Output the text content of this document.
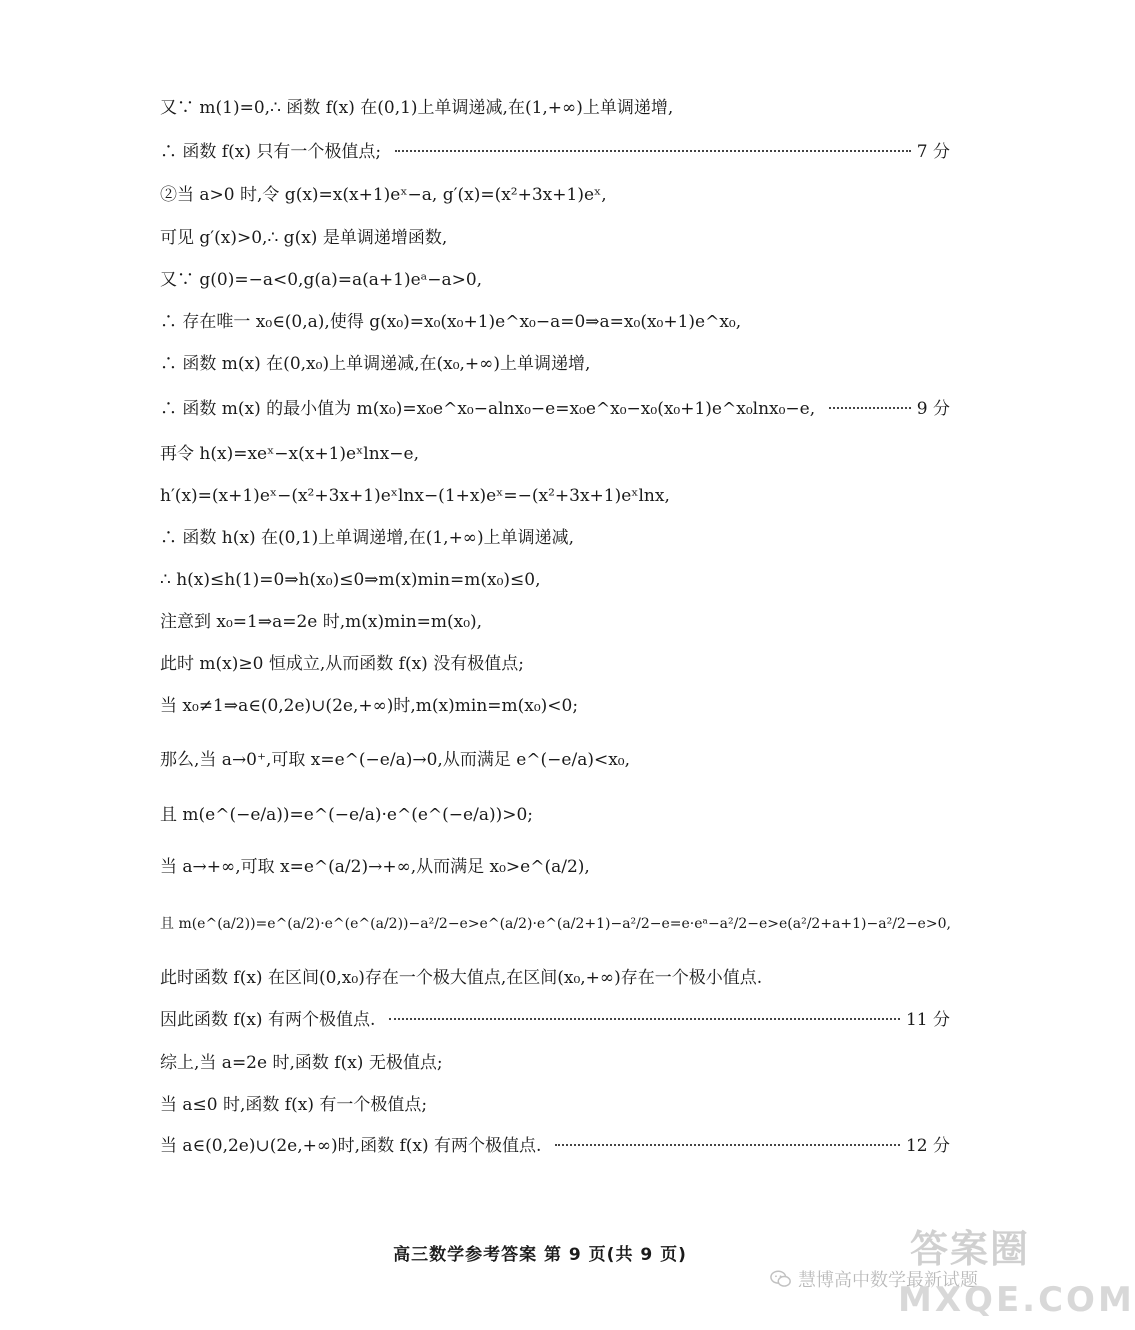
又∵ m(1)=0,∴ 函数 f(x) 在(0,1)上单调递减,在(1,+∞)上单调递增,
∴ 函数 f(x) 只有一个极值点;	7 分
②当 a>0 时,令 g(x)=x(x+1)eˣ−a, g′(x)=(x²+3x+1)eˣ,
可见 g′(x)>0,∴ g(x) 是单调递增函数,
又∵ g(0)=−a<0,g(a)=a(a+1)eᵃ−a>0,
∴ 存在唯一 x₀∈(0,a),使得 g(x₀)=x₀(x₀+1)e^x₀−a=0⇒a=x₀(x₀+1)e^x₀,
∴ 函数 m(x) 在(0,x₀)上单调递减,在(x₀,+∞)上单调递增,
∴ 函数 m(x) 的最小值为 m(x₀)=x₀e^x₀−alnx₀−e=x₀e^x₀−x₀(x₀+1)e^x₀lnx₀−e,	9 分
再令 h(x)=xeˣ−x(x+1)eˣlnx−e,
h′(x)=(x+1)eˣ−(x²+3x+1)eˣlnx−(1+x)eˣ=−(x²+3x+1)eˣlnx,
∴ 函数 h(x) 在(0,1)上单调递增,在(1,+∞)上单调递减,
∴ h(x)≤h(1)=0⇒h(x₀)≤0⇒m(x)min=m(x₀)≤0,
注意到 x₀=1⇒a=2e 时,m(x)min=m(x₀),
此时 m(x)≥0 恒成立,从而函数 f(x) 没有极值点;
当 x₀≠1⇒a∈(0,2e)∪(2e,+∞)时,m(x)min=m(x₀)<0;
那么,当 a→0⁺,可取 x=e^(−e/a)→0,从而满足 e^(−e/a)<x₀,
且 m(e^(−e/a))=e^(−e/a)·e^(e^(−e/a))>0;
当 a→+∞,可取 x=e^(a/2)→+∞,从而满足 x₀>e^(a/2),
且 m(e^(a/2))=e^(a/2)·e^(e^(a/2))−a²/2−e>e^(a/2)·e^(a/2+1)−a²/2−e=e·eᵃ−a²/2−e>e(a²/2+a+1)−a²/2−e>0,
此时函数 f(x) 在区间(0,x₀)存在一个极大值点,在区间(x₀,+∞)存在一个极小值点.
因此函数 f(x) 有两个极值点.	11 分
综上,当 a=2e 时,函数 f(x) 无极值点;
当 a≤0 时,函数 f(x) 有一个极值点;
当 a∈(0,2e)∪(2e,+∞)时,函数 f(x) 有两个极值点.	12 分
高三数学参考答案 第 9 页(共 9 页)	答案圈
慧博高中数学最新试题
MXQE.COM
